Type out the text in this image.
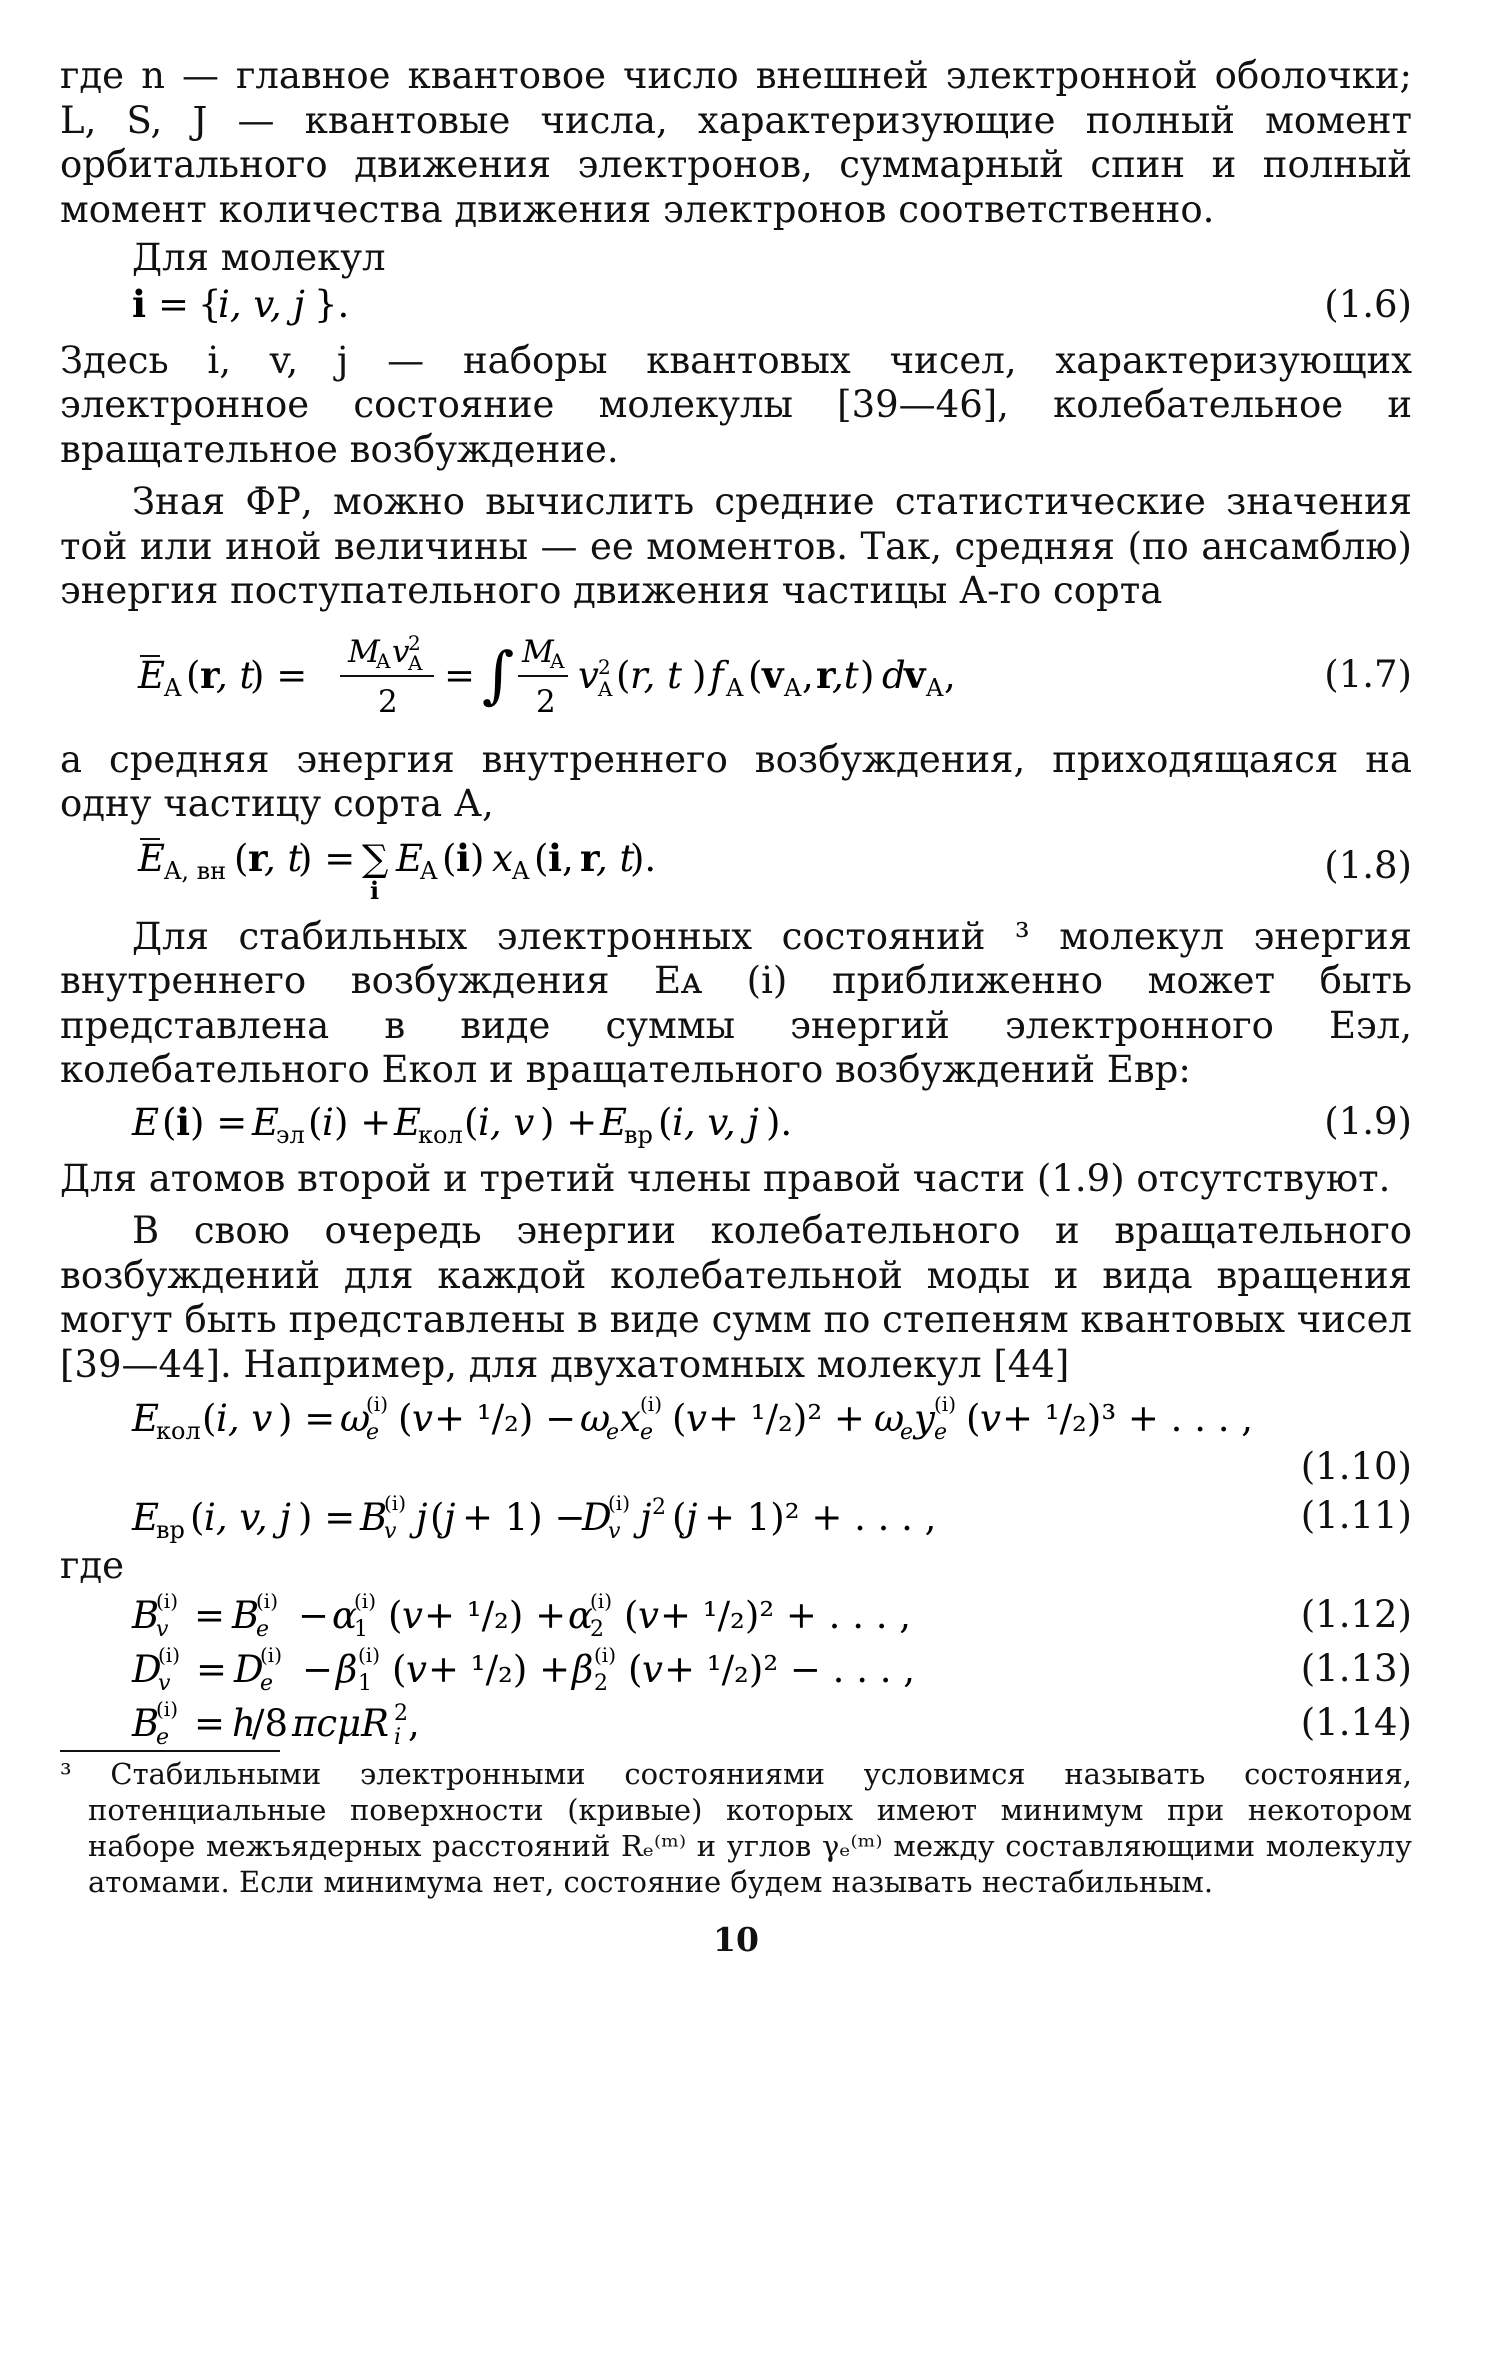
где n — главное квантовое число внешней электронной оболочки; L, S, J — квантовые числа, характеризующие полный момент орбитального движения электронов, суммарный спин и полный момент количества движения электронов соответственно.

Для молекул

i = {
i, v, j }.	(1.6)

Здесь i, v, j — наборы квантовых чисел, характеризующих электронное состояние молекулы [39—46], колебательное и вращательное возбуждение.

Зная ФР, можно вычислить средние статистические значения той или иной величины — ее моментов. Так, средняя (по ансамблю) энергия поступательного движения частицы А-го сорта

E
A ( r
, t
) =
M
A v
2
A
2
= ∫ M
A
2
v 2
A ( r, t ) f A ( v A , r
,t ) d
v A ,	(1.7)

а средняя энергия внутреннего возбуждения, приходящаяся на одну частицу сорта А,

E
A, вн ( r
, t
) = ∑
i
E
A ( i ) x A ( i , r
, t
).	(1.8)

Для стабильных электронных состояний ³ молекул энергия внутреннего возбуждения Eᴀ (i) приближенно может быть представлена в виде суммы энергий электронного Eэл, колебательного Eкол и вращательного возбуждений Eвр:

E ( i ) = E
эл ( i ) + E
кол ( i, v ) + E
вр ( i, v, j ).	(1.9)

Для атомов второй и третий члены правой части (1.9) отсутствуют.

В свою очередь энергии колебательного и вращательного возбуждений для каждой колебательной моды и вида вращения могут быть представлены в виде сумм по степеням квантовых чисел [39—44]. Например, для двухатомных молекул [44]

E
кол ( i, v ) = ω
e
(i) ( v + ¹/₂) − ω
e x e
(i) ( v + ¹/₂)² + ω
e y e
(i) ( v + ¹/₂)³ + . . . ,
(1.10)
E
вр ( i, v, j ) = B
v
(i) j ( j + 1) −
D
v
(i) j 2 ( j + 1)² + . . . ,	(1.11)

где

B
v
(i) = B
e
(i) − α
1
(i) ( v + ¹/₂) + α
2
(i) ( v + ¹/₂)² + . . . ,	(1.12)
D
v
(i) = D
e
(i) − β 1
(i) ( v + ¹/₂) + β 2
(i) ( v + ¹/₂)² − . . . ,	(1.13)
B
e
(i) = h
/8 πcμR i
2 ,	(1.14)

³ Стабильными электронными состояниями условимся называть состояния, потенциальные поверхности (кривые) которых имеют минимум при некотором наборе межъядерных расстояний Rₑ⁽ᵐ⁾ и углов γₑ⁽ᵐ⁾ между составляющими молекулу атомами. Если минимума нет, состояние будем называть нестабильным.

10
